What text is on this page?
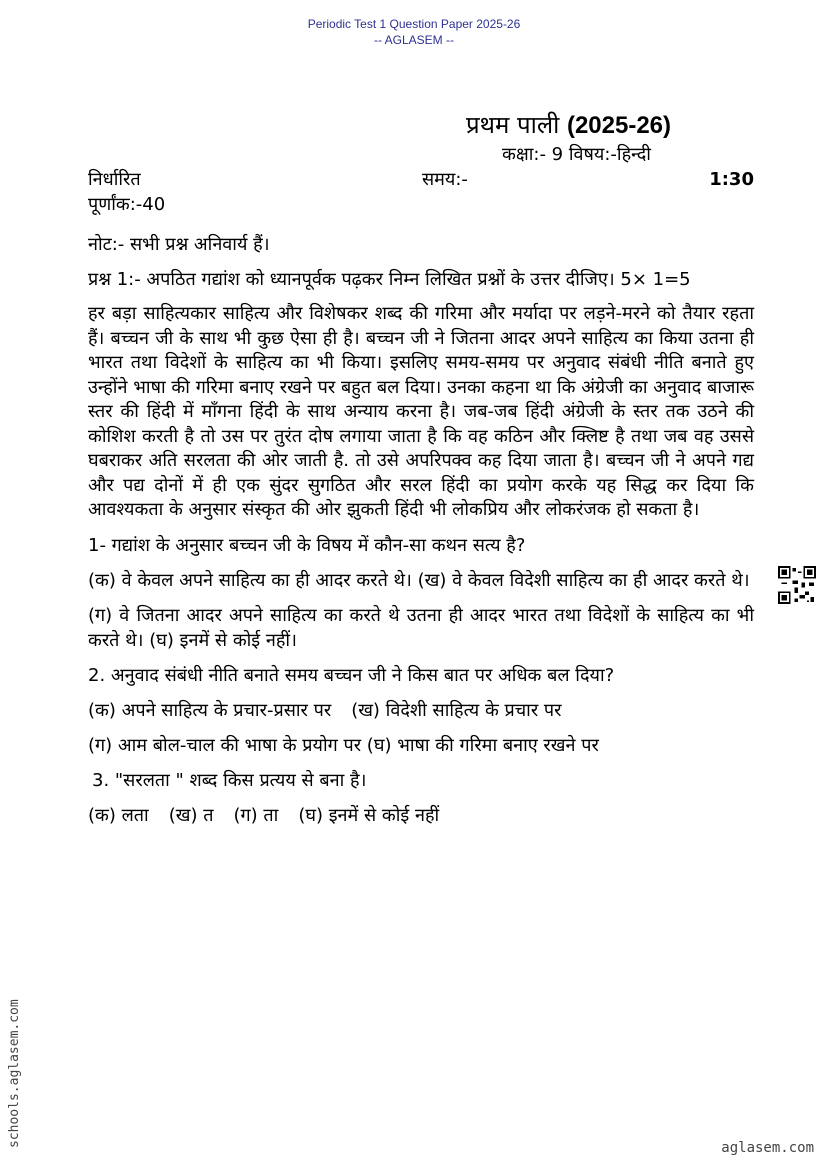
Periodic Test 1 Question Paper 2025-26
-- AGLASEM --
प्रथम पाली (2025-26)
कक्षा:- 9 विषय:-हिन्दी
निर्धारित	समय:-	1:30
पूर्णांक:-40

नोट:- सभी प्रश्न अनिवार्य हैं।

प्रश्न 1:- अपठित गद्यांश को ध्यानपूर्वक पढ़कर निम्न लिखित प्रश्नों के उत्तर दीजिए। 5× 1=5

हर बड़ा साहित्यकार साहित्य और विशेषकर शब्द की गरिमा और मर्यादा पर लड़ने-मरने को तैयार रहता हैं। बच्चन जी के साथ भी कुछ ऐसा ही है। बच्चन जी ने जितना आदर अपने साहित्य का किया उतना ही भारत तथा विदेशों के साहित्य का भी किया। इसलिए समय-समय पर अनुवाद संबंधी नीति बनाते हुए उन्होंने भाषा की गरिमा बनाए रखने पर बहुत बल दिया। उनका कहना था कि अंग्रेजी का अनुवाद बाजारू स्तर की हिंदी में माँगना हिंदी के साथ अन्याय करना है। जब-जब हिंदी अंग्रेजी के स्तर तक उठने की कोशिश करती है तो उस पर तुरंत दोष लगाया जाता है कि वह कठिन और क्लिष्ट है तथा जब वह उससे घबराकर अति सरलता की ओर जाती है. तो उसे अपरिपक्व कह दिया जाता है। बच्चन जी ने अपने गद्य और पद्य दोनों में ही एक सुंदर सुगठित और सरल हिंदी का प्रयोग करके यह सिद्ध कर दिया कि आवश्यकता के अनुसार संस्कृत की ओर झुकती हिंदी भी लोकप्रिय और लोकरंजक हो सकता है।

1- गद्यांश के अनुसार बच्चन जी के विषय में कौन-सा कथन सत्य है?

(क) वे केवल अपने साहित्य का ही आदर करते थे। (ख) वे केवल विदेशी साहित्य का ही आदर करते थे।

(ग) वे जितना आदर अपने साहित्य का करते थे उतना ही आदर भारत तथा विदेशों के साहित्य का भी करते थे। (घ) इनमें से कोई नहीं।

2. अनुवाद संबंधी नीति बनाते समय बच्चन जी ने किस बात पर अधिक बल दिया?

(क) अपने साहित्य के प्रचार-प्रसार पर (ख) विदेशी साहित्य के प्रचार पर

(ग) आम बोल-चाल की भाषा के प्रयोग पर (घ) भाषा की गरिमा बनाए रखने पर

3. "सरलता " शब्द किस प्रत्यय से बना है।

(क) लता (ख) त (ग) ता (घ) इनमें से कोई नहीं

schools.aglasem.com	aglasem.com
